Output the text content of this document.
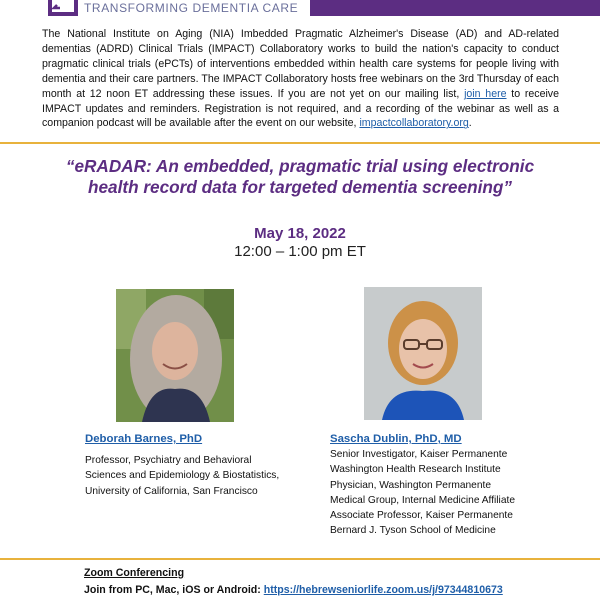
TRANSFORMING DEMENTIA CARE
The National Institute on Aging (NIA) Imbedded Pragmatic Alzheimer's Disease (AD) and AD-related dementias (ADRD) Clinical Trials (IMPACT) Collaboratory works to build the nation's capacity to conduct pragmatic clinical trials (ePCTs) of interventions embedded within health care systems for people living with dementia and their care partners. The IMPACT Collaboratory hosts free webinars on the 3rd Thursday of each month at 12 noon ET addressing these issues. If you are not yet on our mailing list, join here to receive IMPACT updates and reminders. Registration is not required, and a recording of the webinar as well as a companion podcast will be available after the event on our website, impactcollaboratory.org.
“eRADAR: An embedded, pragmatic trial using electronic
health record data for targeted dementia screening”
May 18, 2022
12:00 – 1:00 pm ET
Deborah Barnes, PhD
Professor, Psychiatry and Behavioral
Sciences and Epidemiology & Biostatistics,
University of California, San Francisco
Sascha Dublin, PhD, MD
Senior Investigator, Kaiser Permanente
Washington Health Research Institute
Physician, Washington Permanente
Medical Group, Internal Medicine Affiliate
Associate Professor, Kaiser Permanente
Bernard J. Tyson School of Medicine
Zoom Conferencing
Join from PC, Mac, iOS or Android: https://hebrewseniorlife.zoom.us/j/97344810673
